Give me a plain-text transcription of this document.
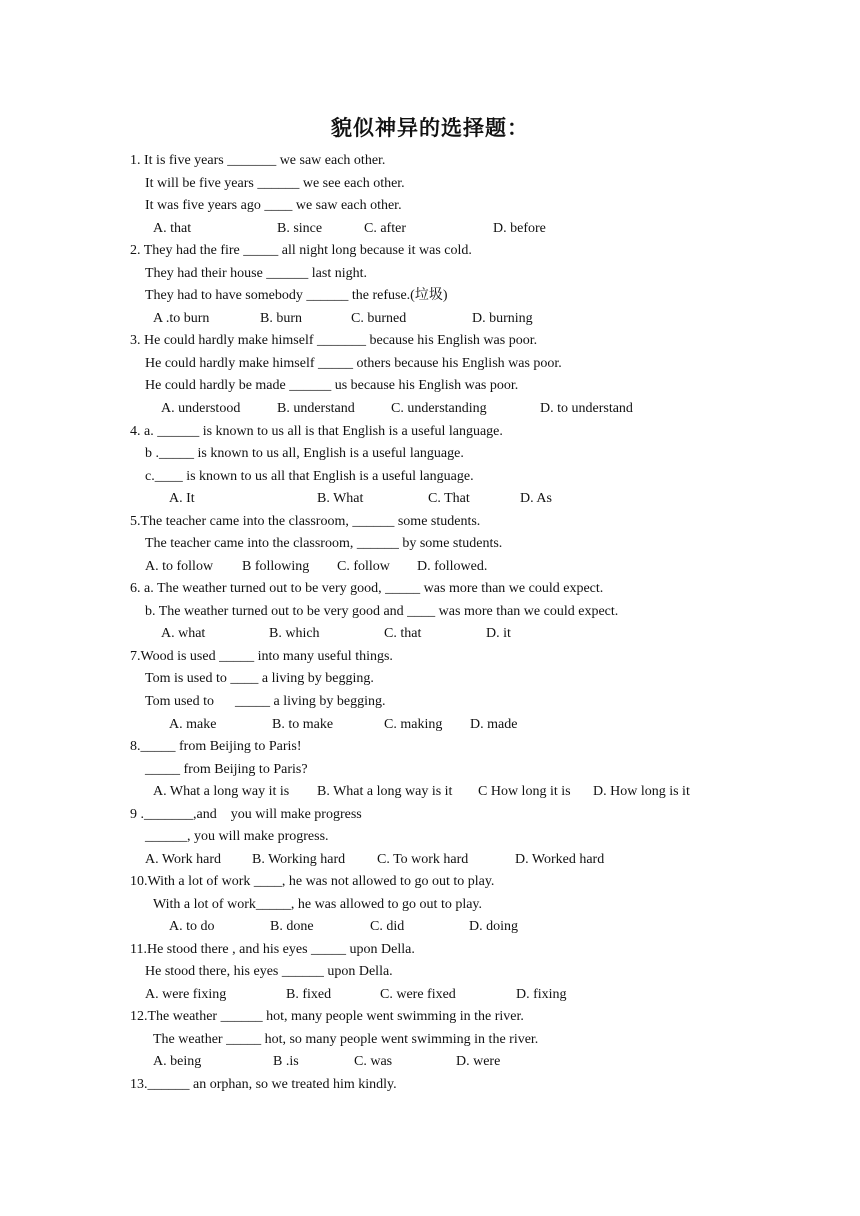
貌似神异的选择题：
1. It is five years _______ we saw each other.
It will be five years ______ we see each other.
It was five years ago ____ we saw each other.
A. that	B. since	C. after	D. before
2. They had the fire _____ all night long because it was cold.
They had their house ______ last night.
They had to have somebody ______ the refuse.(垃圾)
A .to burn	B. burn	C. burned	D. burning
3. He could hardly make himself _______ because his English was poor.
He could hardly make himself _____ others because his English was poor.
He could hardly be made ______ us because his English was poor.
A. understood	B. understand	C. understanding	D. to understand
4. a. ______ is known to us all is that English is a useful language.
b ._____ is known to us all, English is a useful language.
c.____ is known to us all that English is a useful language.
A. It	B. What	C. That	D. As
5.The teacher came into the classroom, ______ some students.
The teacher came into the classroom, ______ by some students.
A. to follow B following C. follow D. followed.
6. a. The weather turned out to be very good, _____ was more than we could expect.
b. The weather turned out to be very good and ____ was more than we could expect.
A. what	B. which	C. that	D. it
7.Wood is used _____ into many useful things.
Tom is used to ____ a living by begging.
Tom used to      _____ a living by begging.
A. make	B. to make	C. making D. made
8._____ from Beijing to Paris!
_____ from Beijing to Paris?
A. What a long way it is B. What a long way is it C How long it is D. How long is it
9 ._______,and    you will make progress
______, you will make progress.
A. Work hard B. Working hard C. To work hard	D. Worked hard
10.With a lot of work ____, he was not allowed to go out to play.
With a lot of work_____, he was allowed to go out to play.
A. to do	B. done	C. did	D. doing
11.He stood there , and his eyes _____ upon Della.
He stood there, his eyes ______ upon Della.
A. were fixing	B. fixed	C. were fixed	D. fixing
12.The weather ______ hot, many people went swimming in the river.
The weather _____ hot, so many people went swimming in the river.
A. being	B .is	C. was	D. were
13.______ an orphan, so we treated him kindly.
